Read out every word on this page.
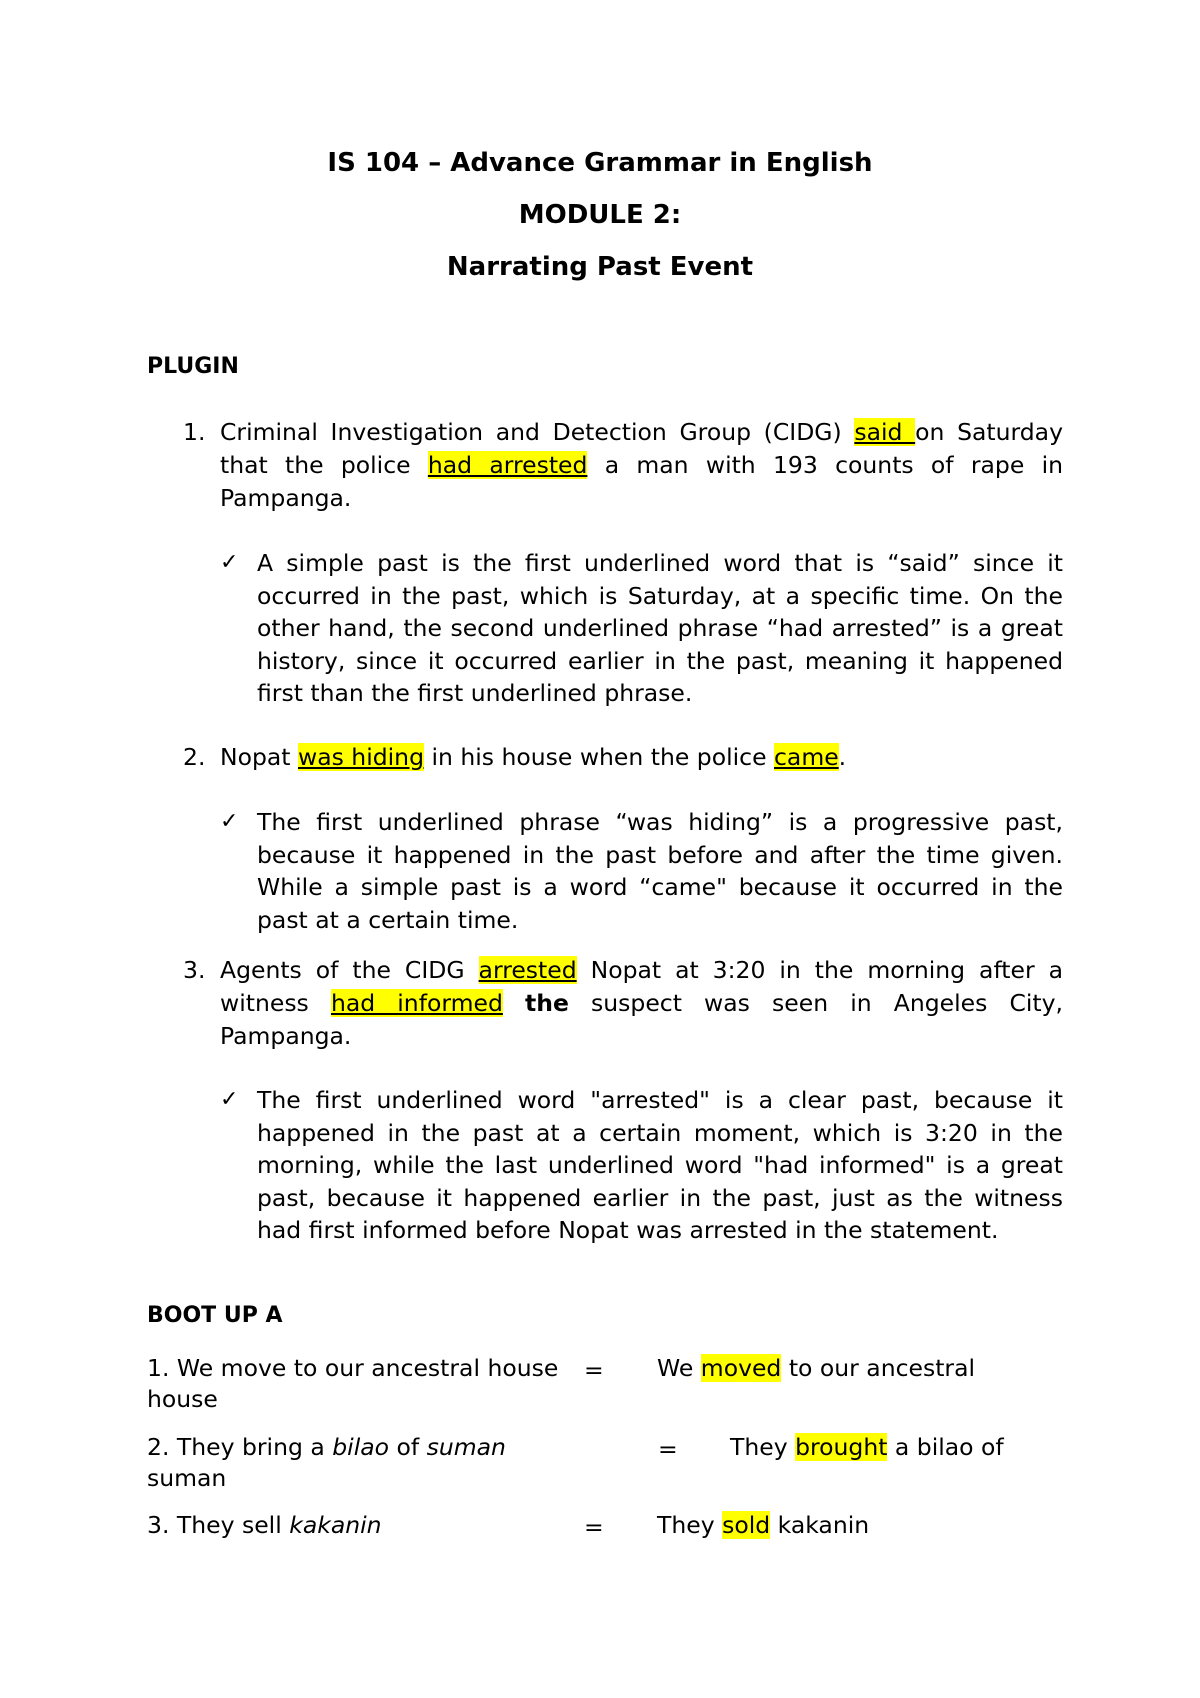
IS 104 – Advance Grammar in English
MODULE 2:
Narrating Past Event
PLUGIN
1. Criminal Investigation and Detection Group (CIDG) said on Saturday that the police had arrested a man with 193 counts of rape in Pampanga.
✓ A simple past is the first underlined word that is “said” since it occurred in the past, which is Saturday, at a specific time. On the other hand, the second underlined phrase “had arrested” is a great history, since it occurred earlier in the past, meaning it happened first than the first underlined phrase.
2. Nopat was hiding in his house when the police came.
✓ The first underlined phrase “was hiding” is a progressive past, because it happened in the past before and after the time given. While a simple past is a word “came" because it occurred in the past at a certain time.
3. Agents of the CIDG arrested Nopat at 3:20 in the morning after a witness had informed the suspect was seen in Angeles City, Pampanga.
✓ The first underlined word "arrested" is a clear past, because it happened in the past at a certain moment, which is 3:20 in the morning, while the last underlined word "had informed" is a great past, because it happened earlier in the past, just as the witness had first informed before Nopat was arrested in the statement.
BOOT UP A
1. We move to our ancestral house
house
= We moved to our ancestral
2. They bring a bilao of suman
suman
= They brought a bilao of
3. They sell kakanin	= They sold kakanin
